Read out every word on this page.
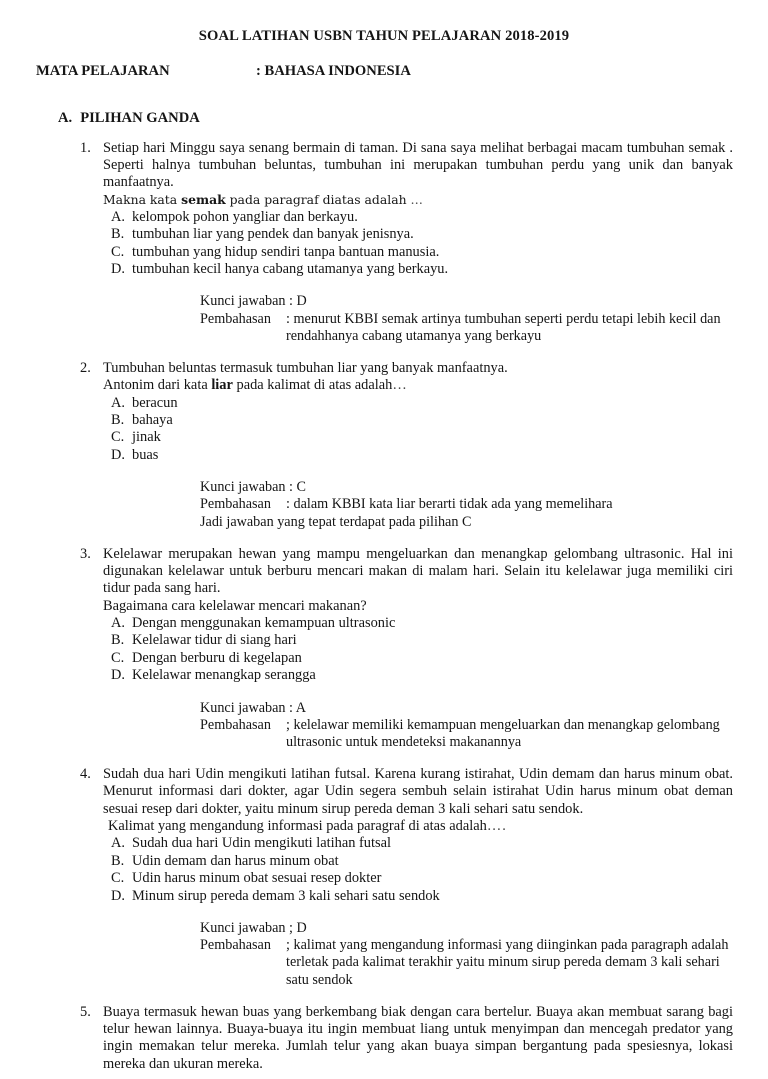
SOAL LATIHAN USBN TAHUN PELAJARAN 2018-2019
MATA PELAJARAN	: BAHASA INDONESIA
A. PILIHAN GANDA
1. Setiap hari Minggu saya senang bermain di taman. Di sana saya melihat berbagai macam tumbuhan semak . Seperti halnya tumbuhan beluntas, tumbuhan ini merupakan tumbuhan perdu yang unik dan banyak manfaatnya.

Makna kata semak pada paragraf diatas adalah …

A. kelompok pohon yangliar dan berkayu.
B. tumbuhan liar yang pendek dan banyak jenisnya.
C. tumbuhan yang hidup sendiri tanpa bantuan manusia.
D. tumbuhan kecil hanya cabang utamanya yang berkayu.

Kunci jawaban : D

Pembahasan	: menurut KBBI semak artinya tumbuhan seperti perdu tetapi lebih kecil dan rendahhanya cabang utamanya yang berkayu

2. Tumbuhan beluntas termasuk tumbuhan liar yang banyak manfaatnya.

Antonim dari kata liar pada kalimat di atas adalah…

A. beracun
B. bahaya
C. jinak
D. buas

Kunci jawaban : C

Pembahasan	: dalam KBBI kata liar berarti tidak ada yang memelihara

Jadi jawaban yang tepat terdapat pada pilihan C

3. Kelelawar merupakan hewan yang mampu mengeluarkan dan menangkap gelombang ultrasonic. Hal ini digunakan kelelawar untuk berburu mencari makan di malam hari. Selain itu kelelawar juga memiliki ciri tidur pada sang hari.

Bagaimana cara kelelawar mencari makanan?

A. Dengan menggunakan kemampuan ultrasonic
B. Kelelawar tidur di siang hari
C. Dengan berburu di kegelapan
D. Kelelawar menangkap serangga

Kunci jawaban : A

Pembahasan	; kelelawar memiliki kemampuan mengeluarkan dan menangkap gelombang ultrasonic untuk mendeteksi makanannya

4. Sudah dua hari Udin mengikuti latihan futsal. Karena kurang istirahat, Udin demam dan harus minum obat. Menurut informasi dari dokter, agar Udin segera sembuh selain istirahat Udin harus minum obat deman sesuai resep dari dokter, yaitu minum sirup pereda deman 3 kali sehari satu sendok.

Kalimat yang mengandung informasi pada paragraf di atas adalah….

A. Sudah dua hari Udin mengikuti latihan futsal
B. Udin demam dan harus minum obat
C. Udin harus minum obat sesuai resep dokter
D. Minum sirup pereda demam 3 kali sehari satu sendok

Kunci jawaban ; D

Pembahasan	; kalimat yang mengandung informasi yang diinginkan pada paragraph adalah terletak pada kalimat terakhir yaitu minum sirup pereda demam 3 kali sehari satu sendok

5. Buaya termasuk hewan buas yang berkembang biak dengan cara bertelur. Buaya akan membuat sarang bagi telur hewan lainnya. Buaya-buaya itu ingin membuat liang untuk menyimpan dan mencegah predator yang ingin memakan telur mereka. Jumlah telur yang akan buaya simpan bergantung pada spesiesnya, lokasi mereka dan ukuran mereka.
